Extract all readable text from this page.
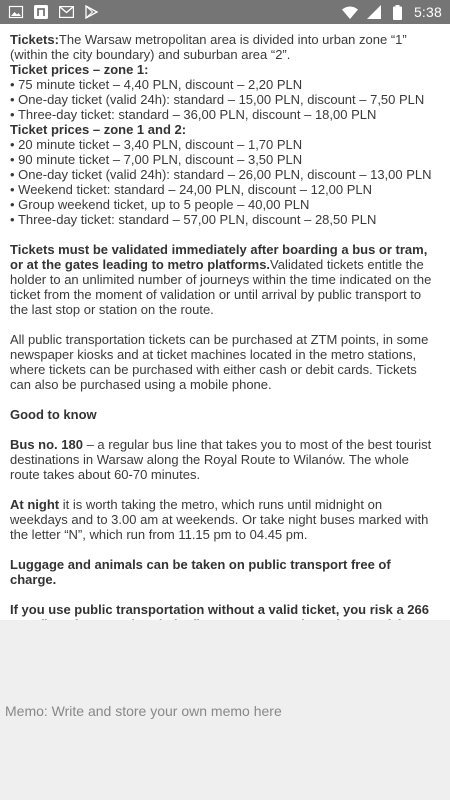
5:38

Tickets:The Warsaw metropolitan area is divided into urban zone “1” (within the city boundary) and suburban area “2”.

Ticket prices – zone 1:

• 75 minute ticket – 4,40 PLN, discount – 2,20 PLN

• One-day ticket (valid 24h): standard – 15,00 PLN, discount – 7,50 PLN

• Three-day ticket: standard – 36,00 PLN, discount – 18,00 PLN

Ticket prices – zone 1 and 2:

• 20 minute ticket – 3,40 PLN, discount – 1,70 PLN

• 90 minute ticket – 7,00 PLN, discount – 3,50 PLN

• One-day ticket (valid 24h): standard – 26,00 PLN, discount – 13,00 PLN

• Weekend ticket: standard – 24,00 PLN, discount – 12,00 PLN

• Group weekend ticket, up to 5 people – 40,00 PLN

• Three-day ticket: standard – 57,00 PLN, discount – 28,50 PLN

Tickets must be validated immediately after boarding a bus or tram, or at the gates leading to metro platforms.Validated tickets entitle the holder to an unlimited number of journeys within the time indicated on the ticket from the moment of validation or until arrival by public transport to the last stop or station on the route.

All public transportation tickets can be purchased at ZTM points, in some newspaper kiosks and at ticket machines located in the metro stations, where tickets can be purchased with either cash or debit cards. Tickets can also be purchased using a mobile phone.

Good to know

Bus no. 180 – a regular bus line that takes you to most of the best tourist destinations in Warsaw along the Royal Route to Wilanów. The whole route takes about 60-70 minutes.

At night it is worth taking the metro, which runs until midnight on weekdays and to 3.00 am at weekends. Or take night buses marked with the letter “N”, which run from 11.15 pm to 04.45 pm.

Luggage and animals can be taken on public transport free of charge.

If you use public transportation without a valid ticket, you risk a 266

Memo: Write and store your own memo here
